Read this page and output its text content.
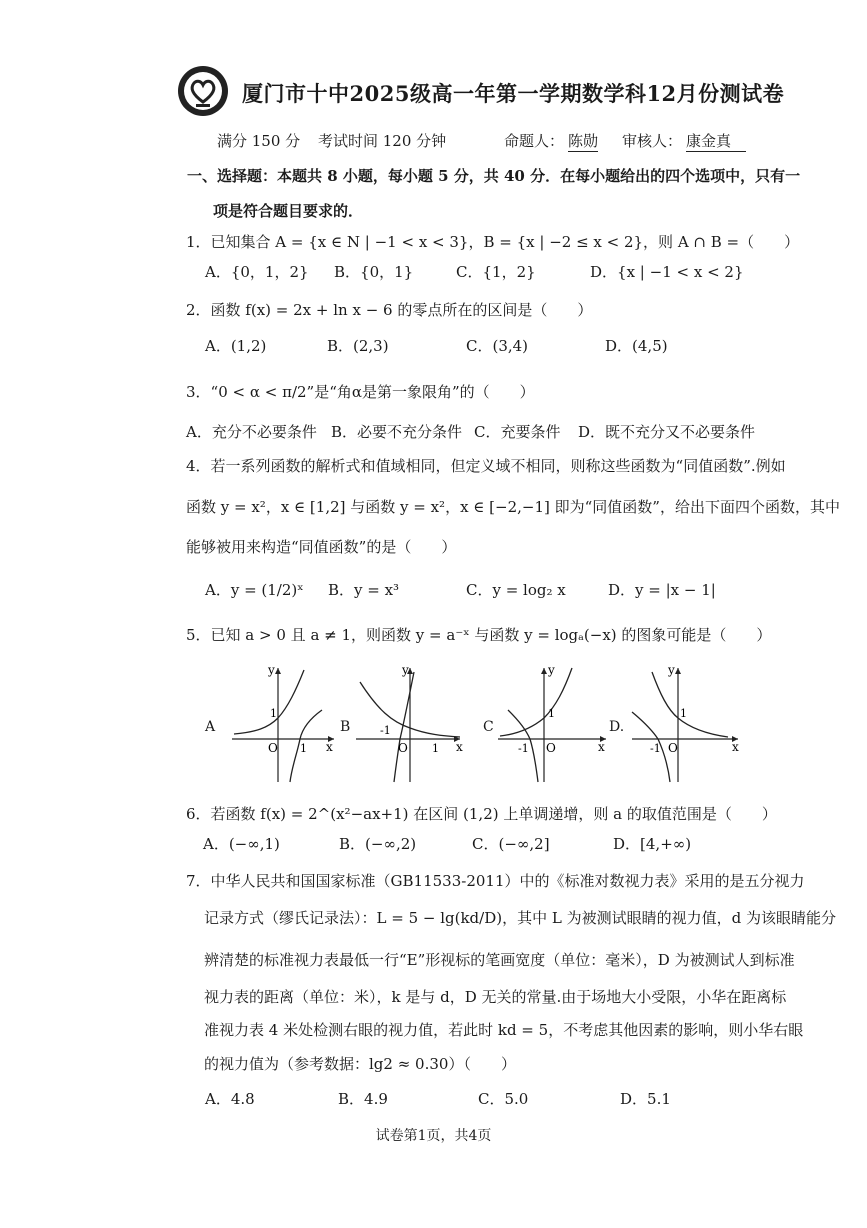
厦门市十中2025级高一年第一学期数学科12月份测试卷
满分 150 分 考试时间 120 分钟	命题人： 陈勋 审核人： 康金真
一、选择题：本题共 8 小题，每小题 5 分，共 40 分．在每小题给出的四个选项中，只有一
项是符合题目要求的．
1．已知集合 A = {x ∈ N | −1 < x < 3}，B = {x | −2 ≤ x < 2}，则 A ∩ B =（　　）
A．{0，1，2} B．{0，1}	C．{1，2}	D．{x | −1 < x < 2}
2．函数 f(x) = 2x + ln x − 6 的零点所在的区间是（　　）
A．(1,2)	B．(2,3)	C．(3,4)	D．(4,5)
3．“0 < α < π/2”是“角α是第一象限角”的（　　）
A．充分不必要条件 B．必要不充分条件 C．充要条件 D．既不充分又不必要条件
4．若一系列函数的解析式和值域相同，但定义域不相同，则称这些函数为“同值函数”.例如
函数 y = x²，x ∈ [1,2] 与函数 y = x²，x ∈ [−2,−1] 即为“同值函数”，给出下面四个函数，其中
能够被用来构造“同值函数”的是（　　）
A．y = (1/2)ˣ B．y = x³	C．y = log₂ x	D．y = |x − 1|
5．已知 a > 0 且 a ≠ 1，则函数 y = a⁻ˣ 与函数 y = logₐ(−x) 的图象可能是（　　）
A
y
x
O
1
1
B
y
x
O
-1
1
C
y
x
O
1
-1
D.
y
x
O
1
-1
6．若函数 f(x) = 2^(x²−ax+1) 在区间 (1,2) 上单调递增，则 a 的取值范围是（　　）
A．(−∞,1)	B．(−∞,2)	C．(−∞,2]	D．[4,+∞)
7．中华人民共和国国家标准（GB11533-2011）中的《标准对数视力表》采用的是五分视力
记录方式（缪氏记录法）：L = 5 − lg(kd/D)，其中 L 为被测试眼睛的视力值，d 为该眼睛能分
辨清楚的标准视力表最低一行“E”形视标的笔画宽度（单位：毫米），D 为被测试人到标准
视力表的距离（单位：米），k 是与 d，D 无关的常量.由于场地大小受限，小华在距离标
准视力表 4 米处检测右眼的视力值，若此时 kd = 5，不考虑其他因素的影响，则小华右眼
的视力值为（参考数据：lg2 ≈ 0.30）（　　）
A．4.8	B．4.9	C．5.0	D．5.1
试卷第1页，共4页
